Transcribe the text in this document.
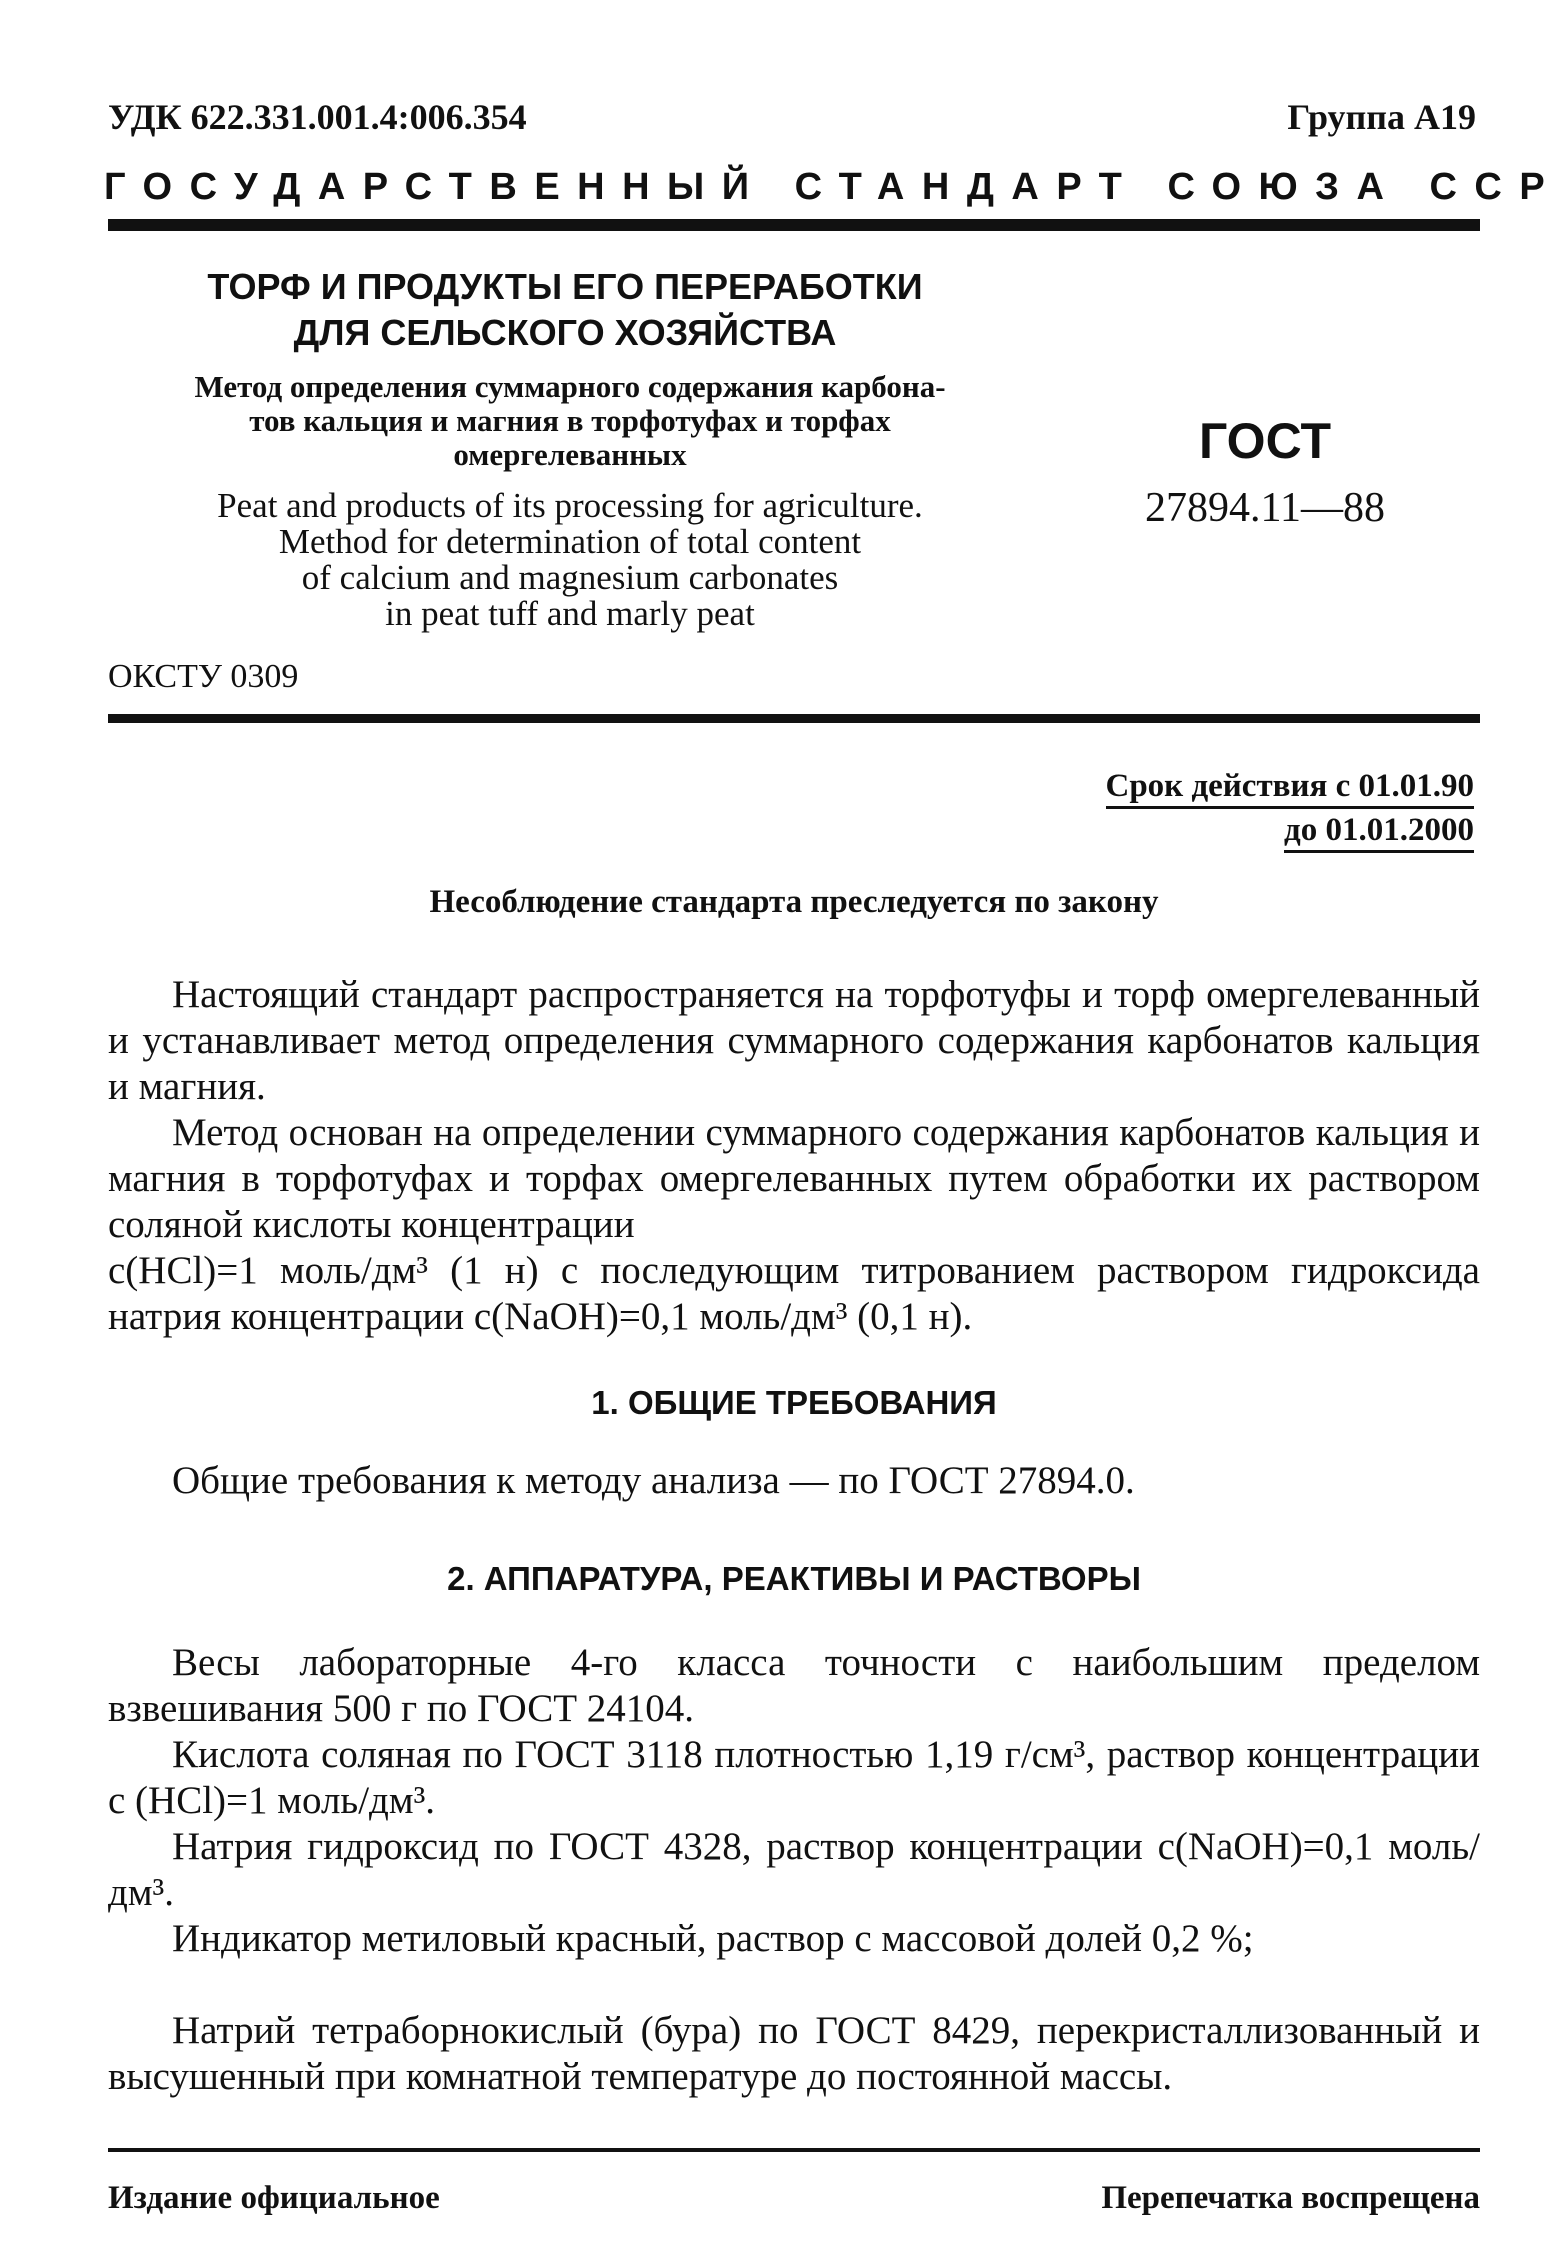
УДК 622.331.001.4:006.354	Группа А19
ГОСУДАРСТВЕННЫЙ СТАНДАРТ СОЮЗА ССР
ТОРФ И ПРОДУКТЫ ЕГО ПЕРЕРАБОТКИ
ДЛЯ СЕЛЬСКОГО ХОЗЯЙСТВА
Метод определения суммарного содержания карбона-
тов кальция и магния в торфотуфах и торфах
омергелеванных
Peat and products of its processing for agriculture.
Method for determination of total content
of calcium and magnesium carbonates
in peat tuff and marly peat
ГОСТ
27894.11—88
ОКСТУ 0309
Срок действия с 01.01.90
до 01.01.2000
Несоблюдение стандарта преследуется по закону
Настоящий стандарт распространяется на торфотуфы и торф омергелеванный и устанавливает метод определения суммарного содержания карбонатов кальция и магния.
Метод основан на определении суммарного содержания карбонатов кальция и магния в торфотуфах и торфах омергелеванных путем обработки их раствором соляной кислоты концентрации
c(HCl)=1 моль/дм³ (1 н) с последующим титрованием раствором гидроксида натрия концентрации c(NaOH)=0,1 моль/дм³ (0,1 н).
1. ОБЩИЕ ТРЕБОВАНИЯ
Общие требования к методу анализа — по ГОСТ 27894.0.
2. АППАРАТУРА, РЕАКТИВЫ И РАСТВОРЫ
Весы лабораторные 4-го класса точности с наибольшим пределом взвешивания 500 г по ГОСТ 24104.
Кислота соляная по ГОСТ 3118 плотностью 1,19 г/см³, раствор концентрации c (HCl)=1 моль/дм³.
Натрия гидроксид по ГОСТ 4328, раствор концентрации c(NaOH)=0,1 моль/дм³.
Индикатор метиловый красный, раствор с массовой долей 0,2 %;
Натрий тетраборнокислый (бура) по ГОСТ 8429, перекристаллизованный и высушенный при комнатной температуре до постоянной массы.
Издание официальное	Перепечатка воспрещена
